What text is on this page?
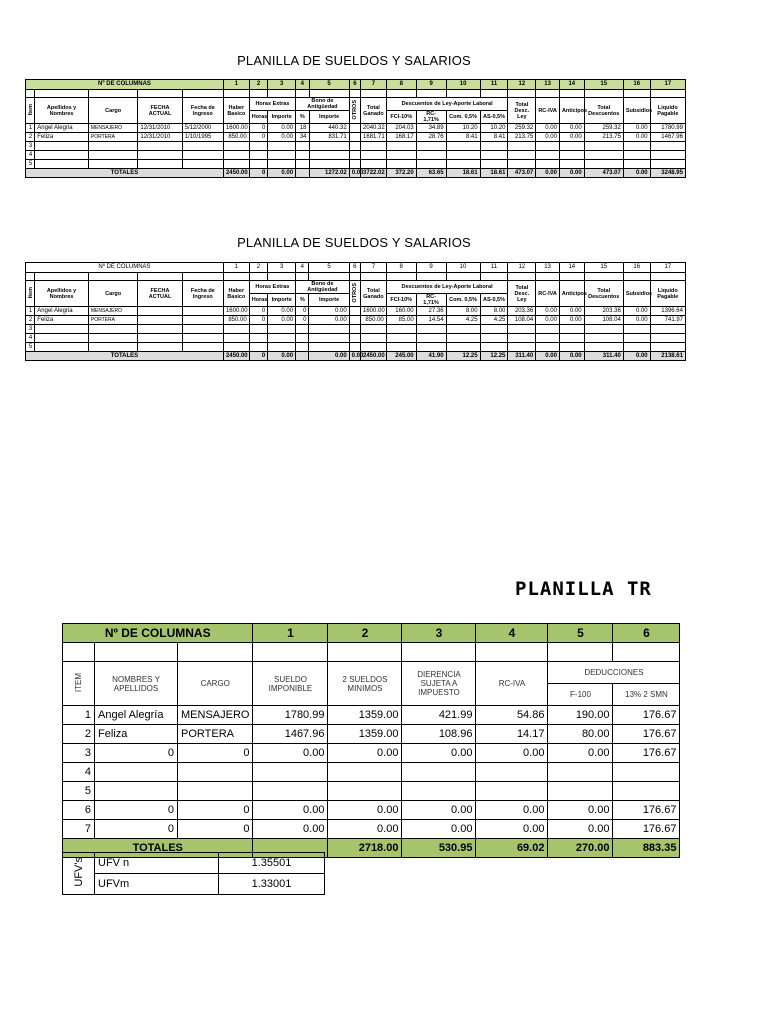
PLANILLA DE SUELDOS Y SALARIOS
Nº DE COLUMNAS					1	2	3	4	5	6	7	8	9	10	11	12	13	14	15	16	17

Item	Apellidos y Nombres	Cargo	FECHA ACTUAL	Fecha de Ingreso	Haber Basico	Horas Extras		Bono de Antigüedad		OTROS	Total Ganado	Descuentos de Ley-Aporte Laboral				Total Desc. Ley	RC-IVA	Anticipos	Total Descuentos	Subsidios	Liquido Pagable
						Horas	Importe	%	Importe			FCI-10%	RC-1,71%	Com. 0,5%	AS-0,5%						
1	Angel Alegria	MENSAJERO	12/31/2010	5/12/2000	1600.00	0	0.00	18	440.32		2040.32	204.03	34.89	10.20	10.20	259.32	0.00	0.00	259.32	0.00	1780.99
2	Feliza	PORTERA	12/31/2010	1/10/1995	850.00	0	0.00	34	831.71		1681.71	168.17	28.76	8.41	8.41	213.75	0.00	0.00	213.75	0.00	1467.96
3																					
4																					
5																					
TOTALES					2450.00	0	0.00		1272.02	0.00	3722.02	372.20	63.65	18.61	18.61	473.07	0.00	0.00	473.07	0.00	3248.95
PLANILLA DE SUELDOS Y SALARIOS
Nº DE COLUMNAS					1	2	3	4	5	6	7	8	9	10	11	12	13	14	15	16	17

Item	Apellidos y Nombres	Cargo	FECHA ACTUAL	Fecha de Ingreso	Haber Basico	Horas Extras		Bono de Antigüedad		OTROS	Total Ganado	Descuentos de Ley-Aporte Laboral				Total Desc. Ley	RC-IVA	Anticipos	Total Descuentos	Subsidios	Liquido Pagable
						Horas	Importe	%	Importe			FCI-10%	RC-1,71%	Com. 0,5%	AS-0,5%						
1	Angel Alegria	MENSAJERO			1600.00	0	0.00	0	0.00		1600.00	160.00	27.36	8.00	8.00	203.36	0.00	0.00	203.36	0.00	1396.64
2	Feliza	PORTERA			850.00	0	0.00	0	0.00		850.00	85.00	14.54	4.25	4.25	108.04	0.00	0.00	108.04	0.00	741.97
3																					
4																					
5																					
TOTALES					2450.00	0	0.00		0.00	0.00	2450.00	245.00	41.90	12.25	12.25	311.40	0.00	0.00	311.40	0.00	2138.61
PLANILLA TR
Nº DE COLUMNAS			1	2	3	4	5	6

ITEM	NOMBRES Y APELLIDOS	CARGO	SUELDO IMPONIBLE	2 SUELDOS MINIMOS	DIERENCIA SUJETA A IMPUESTO	RC-IVA	DEDUCCIONES	
							F-100	13% 2 SMN
1	Angel Alegría	MENSAJERO	1780.99	1359.00	421.99	54.86	190.00	176.67
2	Feliza	PORTERA	1467.96	1359.00	108.96	14.17	80.00	176.67
3	0	0	0.00	0.00	0.00	0.00	0.00	176.67
4								
5								
6	0	0	0.00	0.00	0.00	0.00	0.00	176.67
7	0	0	0.00	0.00	0.00	0.00	0.00	176.67
TOTALES				2718.00	530.95	69.02	270.00	883.35
UFV's	UFV n	1.35501
	UFVm	1.33001
